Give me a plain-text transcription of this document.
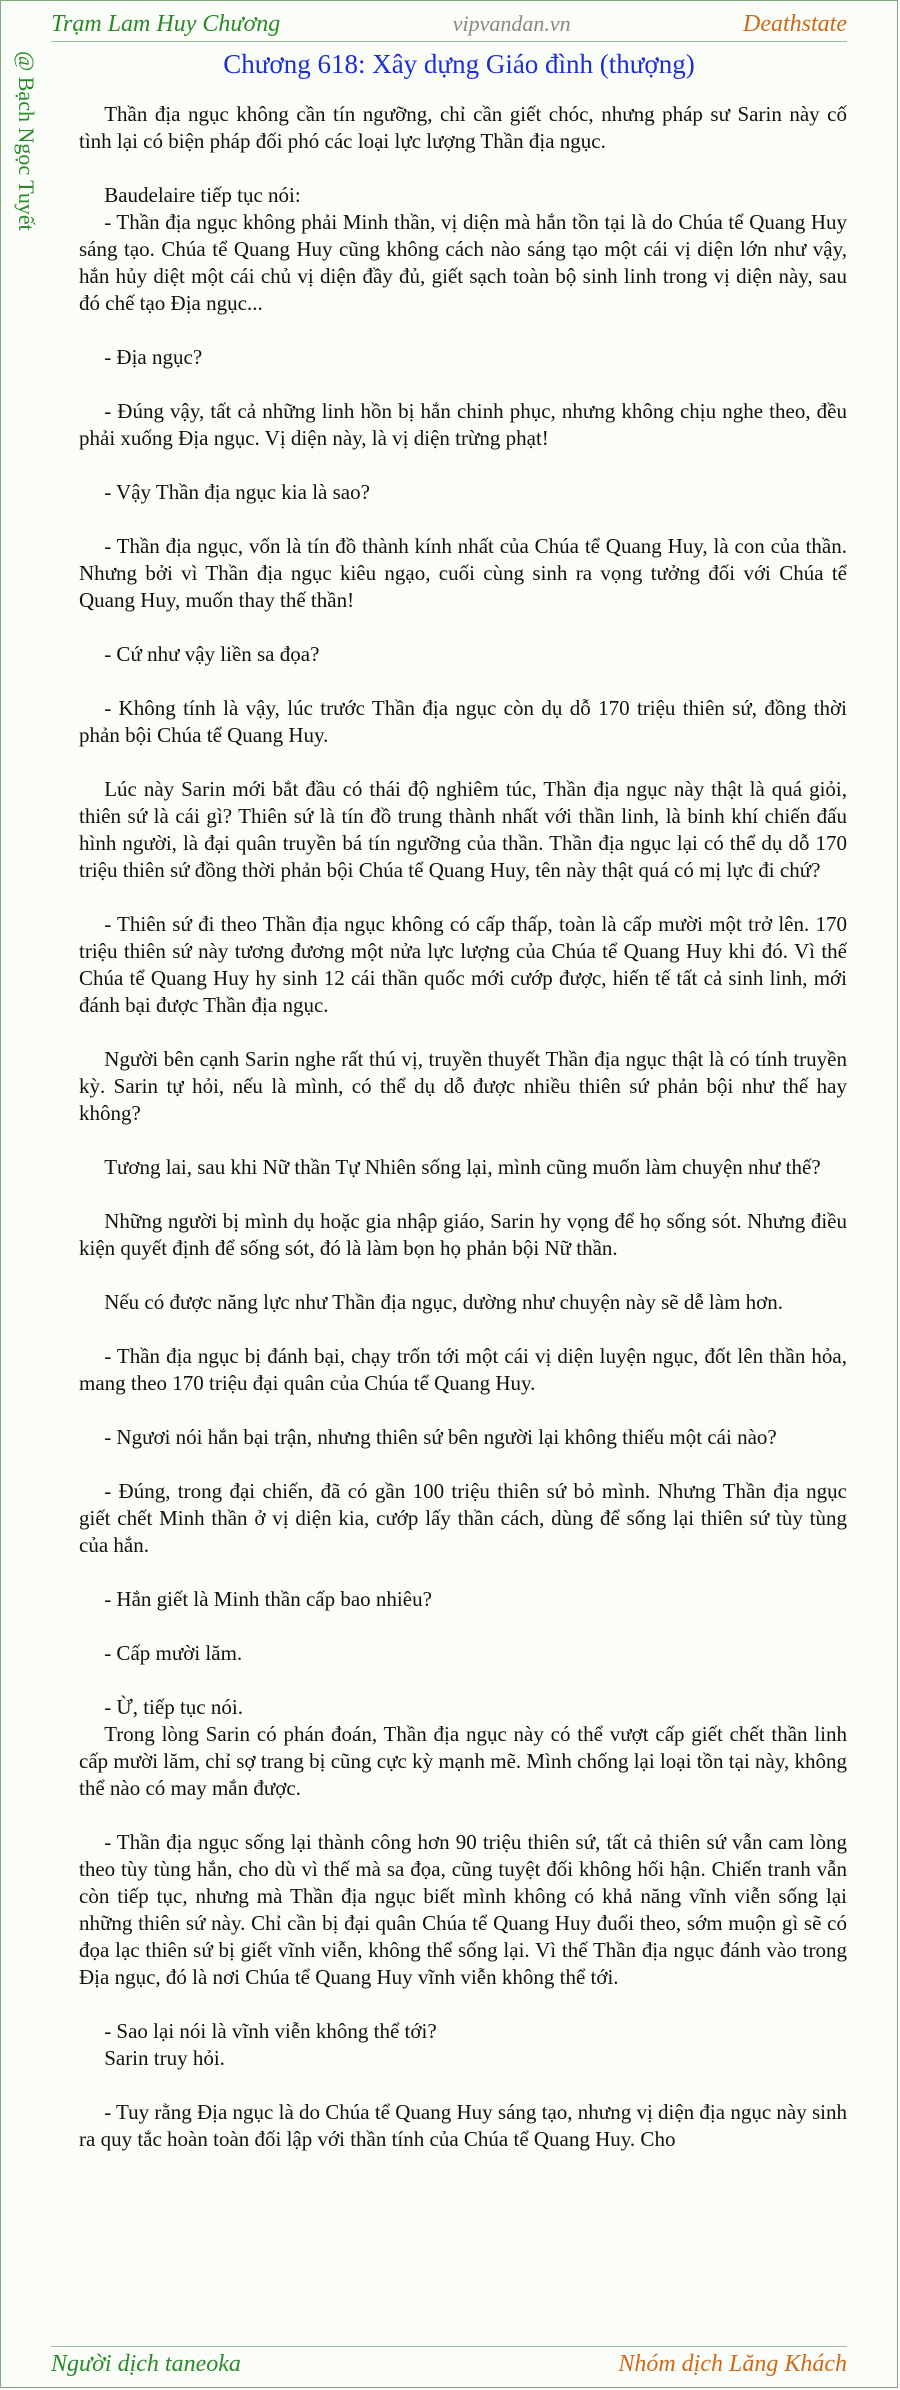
Trạm Lam Huy Chương	vipvandan.vn	Deathstate
@ Bạch Ngọc Tuyết	Chương 618: Xây dựng Giáo đình (thượng)

Thần địa ngục không cần tín ngưỡng, chỉ cần giết chóc, nhưng pháp sư Sarin này cố tình lại có biện pháp đối phó các loại lực lượng Thần địa ngục.

Baudelaire tiếp tục nói:

- Thần địa ngục không phải Minh thần, vị diện mà hắn tồn tại là do Chúa tể Quang Huy sáng tạo. Chúa tể Quang Huy cũng không cách nào sáng tạo một cái vị diện lớn như vậy, hắn hủy diệt một cái chủ vị diện đầy đủ, giết sạch toàn bộ sinh linh trong vị diện này, sau đó chế tạo Địa ngục...

- Địa ngục?

- Đúng vậy, tất cả những linh hồn bị hắn chinh phục, nhưng không chịu nghe theo, đều phải xuống Địa ngục. Vị diện này, là vị diện trừng phạt!

- Vậy Thần địa ngục kia là sao?

- Thần địa ngục, vốn là tín đồ thành kính nhất của Chúa tể Quang Huy, là con của thần. Nhưng bởi vì Thần địa ngục kiêu ngạo, cuối cùng sinh ra vọng tưởng đối với Chúa tể Quang Huy, muốn thay thế thần!

- Cứ như vậy liền sa đọa?

- Không tính là vậy, lúc trước Thần địa ngục còn dụ dỗ 170 triệu thiên sứ, đồng thời phản bội Chúa tể Quang Huy.

Lúc này Sarin mới bắt đầu có thái độ nghiêm túc, Thần địa ngục này thật là quá giỏi, thiên sứ là cái gì? Thiên sứ là tín đồ trung thành nhất với thần linh, là binh khí chiến đấu hình người, là đại quân truyền bá tín ngưỡng của thần. Thần địa ngục lại có thể dụ dỗ 170 triệu thiên sứ đồng thời phản bội Chúa tể Quang Huy, tên này thật quá có mị lực đi chứ?

- Thiên sứ đi theo Thần địa ngục không có cấp thấp, toàn là cấp mười một trở lên. 170 triệu thiên sứ này tương đương một nửa lực lượng của Chúa tể Quang Huy khi đó. Vì thế Chúa tể Quang Huy hy sinh 12 cái thần quốc mới cướp được, hiến tế tất cả sinh linh, mới đánh bại được Thần địa ngục.

Người bên cạnh Sarin nghe rất thú vị, truyền thuyết Thần địa ngục thật là có tính truyền kỳ. Sarin tự hỏi, nếu là mình, có thể dụ dỗ được nhiều thiên sứ phản bội như thế hay không?

Tương lai, sau khi Nữ thần Tự Nhiên sống lại, mình cũng muốn làm chuyện như thế?

Những người bị mình dụ hoặc gia nhập giáo, Sarin hy vọng để họ sống sót. Nhưng điều kiện quyết định để sống sót, đó là làm bọn họ phản bội Nữ thần.

Nếu có được năng lực như Thần địa ngục, dường như chuyện này sẽ dễ làm hơn.

- Thần địa ngục bị đánh bại, chạy trốn tới một cái vị diện luyện ngục, đốt lên thần hỏa, mang theo 170 triệu đại quân của Chúa tể Quang Huy.

- Ngươi nói hắn bại trận, nhưng thiên sứ bên người lại không thiếu một cái nào?

- Đúng, trong đại chiến, đã có gần 100 triệu thiên sứ bỏ mình. Nhưng Thần địa ngục giết chết Minh thần ở vị diện kia, cướp lấy thần cách, dùng để sống lại thiên sứ tùy tùng của hắn.

- Hắn giết là Minh thần cấp bao nhiêu?

- Cấp mười lăm.

- Ừ, tiếp tục nói.

Trong lòng Sarin có phán đoán, Thần địa ngục này có thể vượt cấp giết chết thần linh cấp mười lăm, chỉ sợ trang bị cũng cực kỳ mạnh mẽ. Mình chống lại loại tồn tại này, không thể nào có may mắn được.

- Thần địa ngục sống lại thành công hơn 90 triệu thiên sứ, tất cả thiên sứ vẫn cam lòng theo tùy tùng hắn, cho dù vì thế mà sa đọa, cũng tuyệt đối không hối hận. Chiến tranh vẫn còn tiếp tục, nhưng mà Thần địa ngục biết mình không có khả năng vĩnh viễn sống lại những thiên sứ này. Chỉ cần bị đại quân Chúa tể Quang Huy đuổi theo, sớm muộn gì sẽ có đọa lạc thiên sứ bị giết vĩnh viễn, không thể sống lại. Vì thế Thần địa ngục đánh vào trong Địa ngục, đó là nơi Chúa tể Quang Huy vĩnh viễn không thể tới.

- Sao lại nói là vĩnh viễn không thể tới?

Sarin truy hỏi.

- Tuy rằng Địa ngục là do Chúa tể Quang Huy sáng tạo, nhưng vị diện địa ngục này sinh ra quy tắc hoàn toàn đối lập với thần tính của Chúa tể Quang Huy. Cho

Người dịch taneoka	Nhóm dịch Lăng Khách
